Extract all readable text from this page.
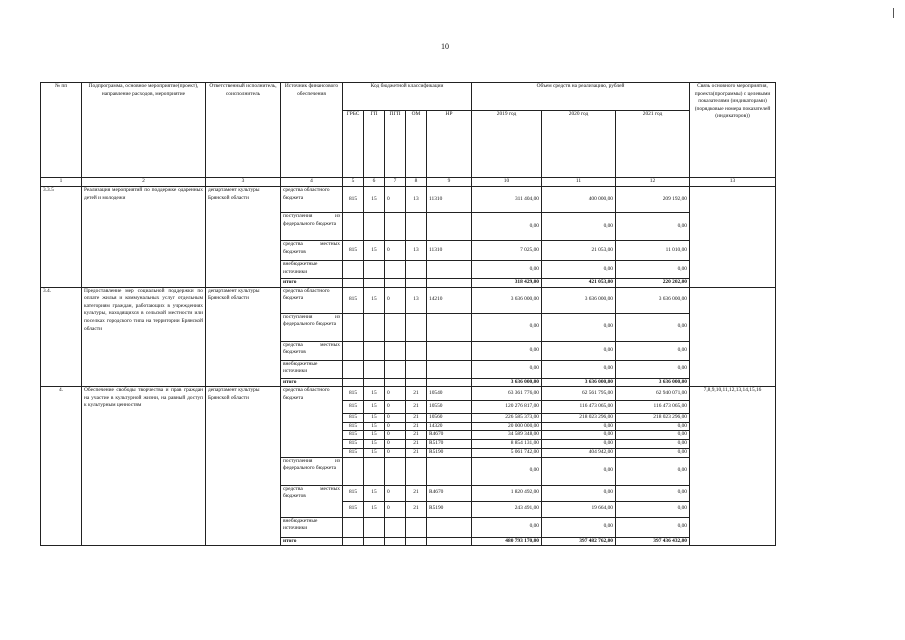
10
№ пп	Подпрограмма, основное мероприятие(проект), направление расходов, мероприятие	Ответственный исполнитель, соисполнитель	Источник финансового обеспечения	Код бюджетной классификации					Объем средств на реализацию, рублей			Связь основного мероприятия, проекта(программы) с целевыми показателями (индикаторами) (порядковые номера показателей (индикаторов))
				ГРБС	ГП	ПГП	ОМ	НР	2019 год	2020 год	2021 год	
1	2	3	4	5	6	7	8	9	10	11	12	13
3.3.5	Реализация мероприятий по поддержке одаренных детей и молодежи	департамент культуры Брянской области	средства областного бюджета	815	15	0	13	11310	311 404,00	400 000,00	209 192,00	
			поступления из федерального бюджета						0,00	0,00	0,00	
			средства местных бюджетов	815	15	0	13	11310	7 025,00	21 053,00	11 010,00	
			внебюджетные источники						0,00	0,00	0,00	
			итого						318 429,00	421 053,00	220 202,00	
3.4.	Предоставление мер социальной поддержки по оплате жилья и коммунальных услуг отдельным категориям граждан, работающих в учреждениях культуры, находящихся в сельской местности или поселках городского типа на территории Брянской области	департамент культуры Брянской области	средства областного бюджета	815	15	0	13	14210	3 636 000,00	3 636 000,00	3 636 000,00	
			поступления из федерального бюджета						0,00	0,00	0,00	
			средства местных бюджетов						0,00	0,00	0,00	
			внебюджетные источники						0,00	0,00	0,00	
			итого						3 636 000,00	3 636 000,00	3 636 000,00	
4.	Обеспечение свободы творчества и прав граждан на участие в культурной жизни, на равный доступ к культурным ценностям	департамент культуры Брянской области	средства областного бюджета	815	15	0	21	10540	63 361 776,00	62 561 795,00	62 940 071,00	7,8,9,10,11,12,13,14,15,16
				815	15	0	21	10550	120 276 817,00	116 473 065,00	116 473 065,00	
				815	15	0	21	10560	226 585 373,00	218 023 296,00	218 023 296,00	
				815	15	0	21	14320	20 000 000,00	0,00	0,00	
				815	15	0	21	R4670	34 589 348,00	0,00	0,00	
				815	15	0	21	R5170	8 854 131,00	0,00	0,00	
				815	15	0	21	R5190	5 061 742,00	404 942,00	0,00	
			поступления из федерального бюджета						0,00	0,00	0,00	
			средства местных бюджетов	815	15	0	21	R4670	1 820 492,00	0,00	0,00	
				815	15	0	21	R5190	243 491,00	19 664,00	0,00	
			внебюджетные источники						0,00	0,00	0,00	
			итого						480 793 170,00	397 482 762,00	397 436 432,00	
